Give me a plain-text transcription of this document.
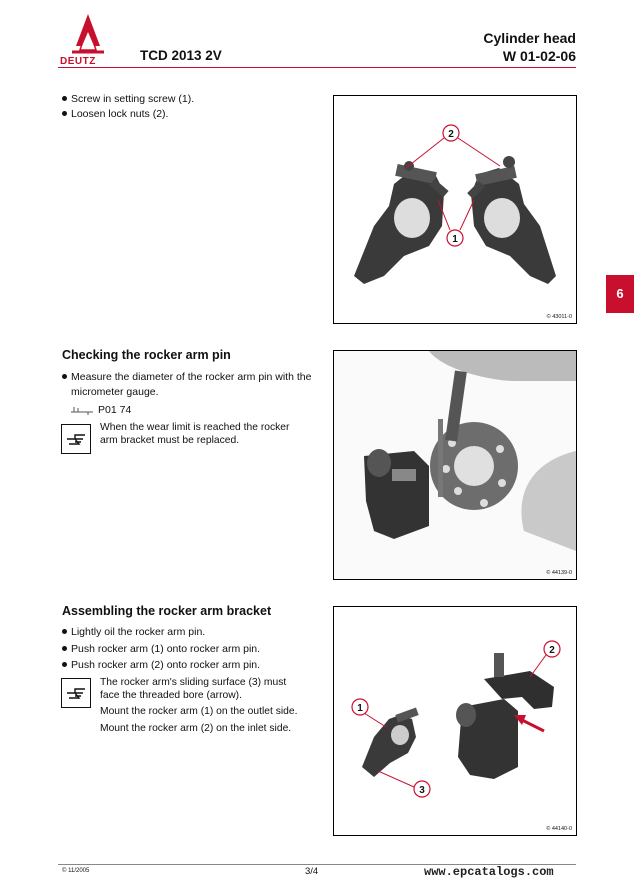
DEUTZ	TCD 2013 2V
Cylinder head
W 01-02-06
Screw in setting screw (1).
Loosen lock nuts (2).
2
1
© 43011-0
6
Checking the rocker arm pin
Measure the diameter of the rocker arm pin with the
micrometer gauge.
P01 74
When the wear limit is reached the rocker
arm bracket must be replaced.
© 44139-0
Assembling the rocker arm bracket
Lightly oil the rocker arm pin.
Push rocker arm (1) onto rocker arm pin.
Push rocker arm (2) onto rocker arm pin.
The rocker arm's sliding surface (3) must
face the threaded bore (arrow).
Mount the rocker arm (1) on the outlet side.
Mount the rocker arm (2) on the inlet side.
1
2
3
© 44140-0
© 11/2005	3/4	www.epcatalogs.com
